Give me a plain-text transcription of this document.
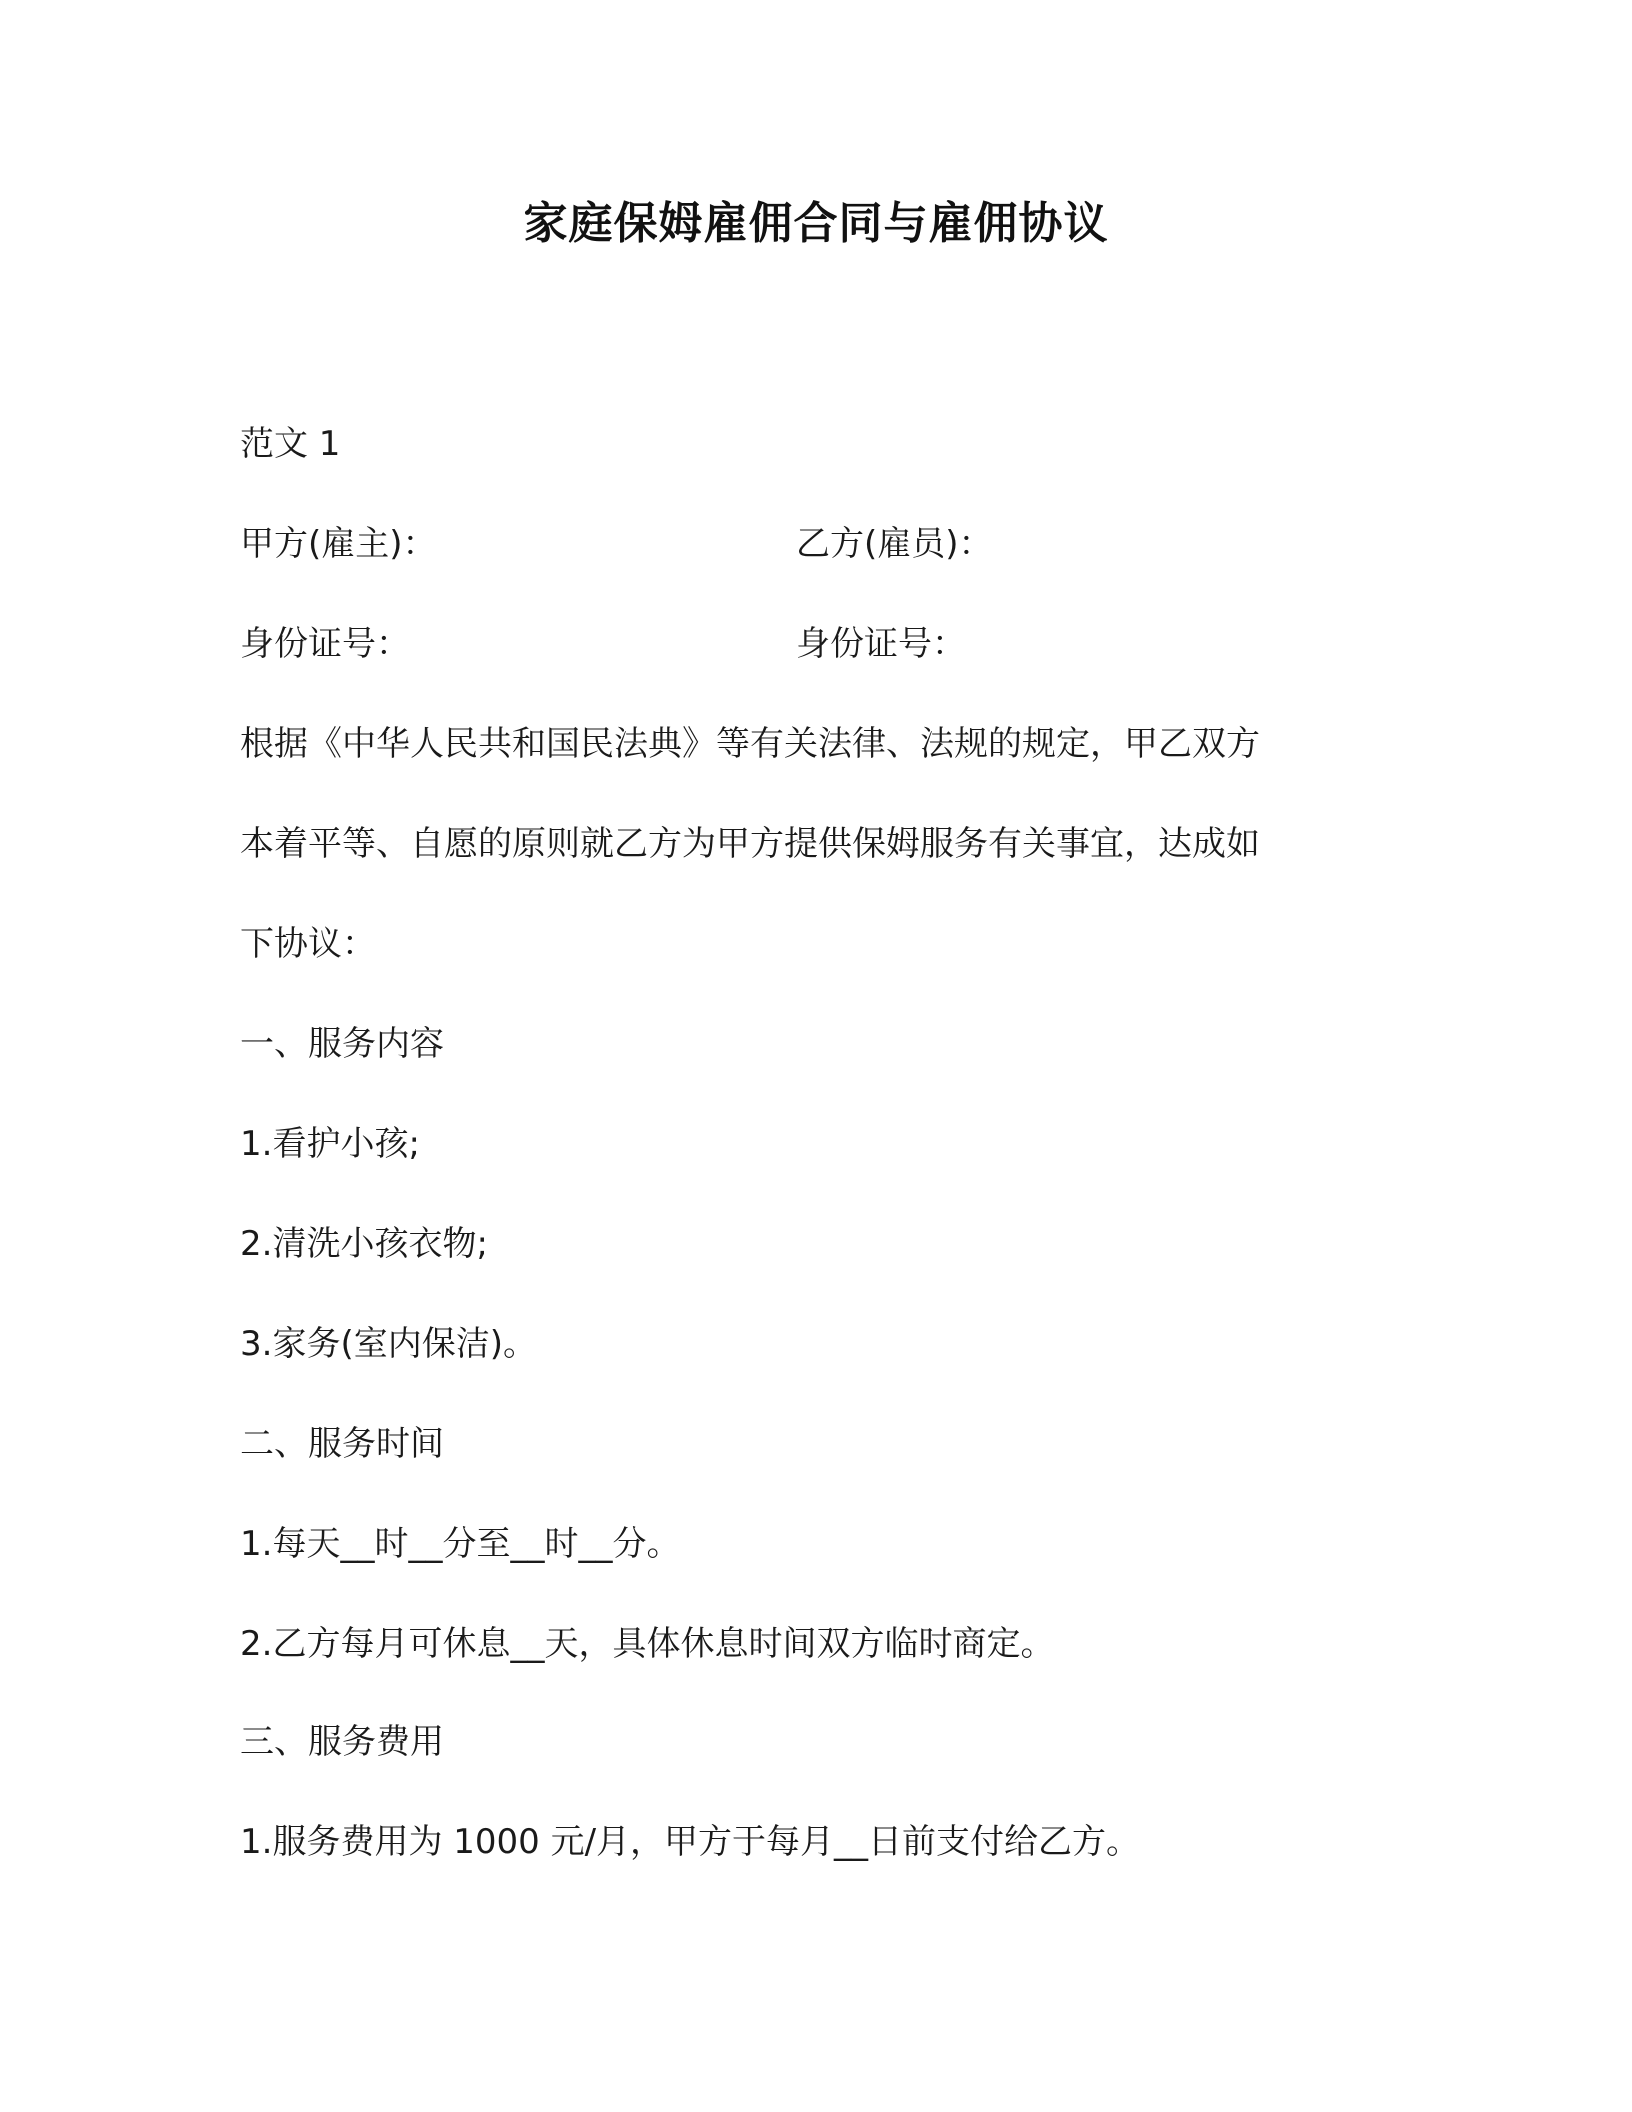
家庭保姆雇佣合同与雇佣协议
范文 1
甲方(雇主)：	乙方(雇员)：
身份证号：	身份证号：
根据《中华人民共和国民法典》等有关法律、法规的规定，甲乙双方
本着平等、自愿的原则就乙方为甲方提供保姆服务有关事宜，达成如
下协议：
一、服务内容
1.看护小孩;
2.清洗小孩衣物;
3.家务(室内保洁)。
二、服务时间
1.每天__时__分至__时__分。
2.乙方每月可休息__天，具体休息时间双方临时商定。
三、服务费用
1.服务费用为 1000 元/月，甲方于每月__日前支付给乙方。
